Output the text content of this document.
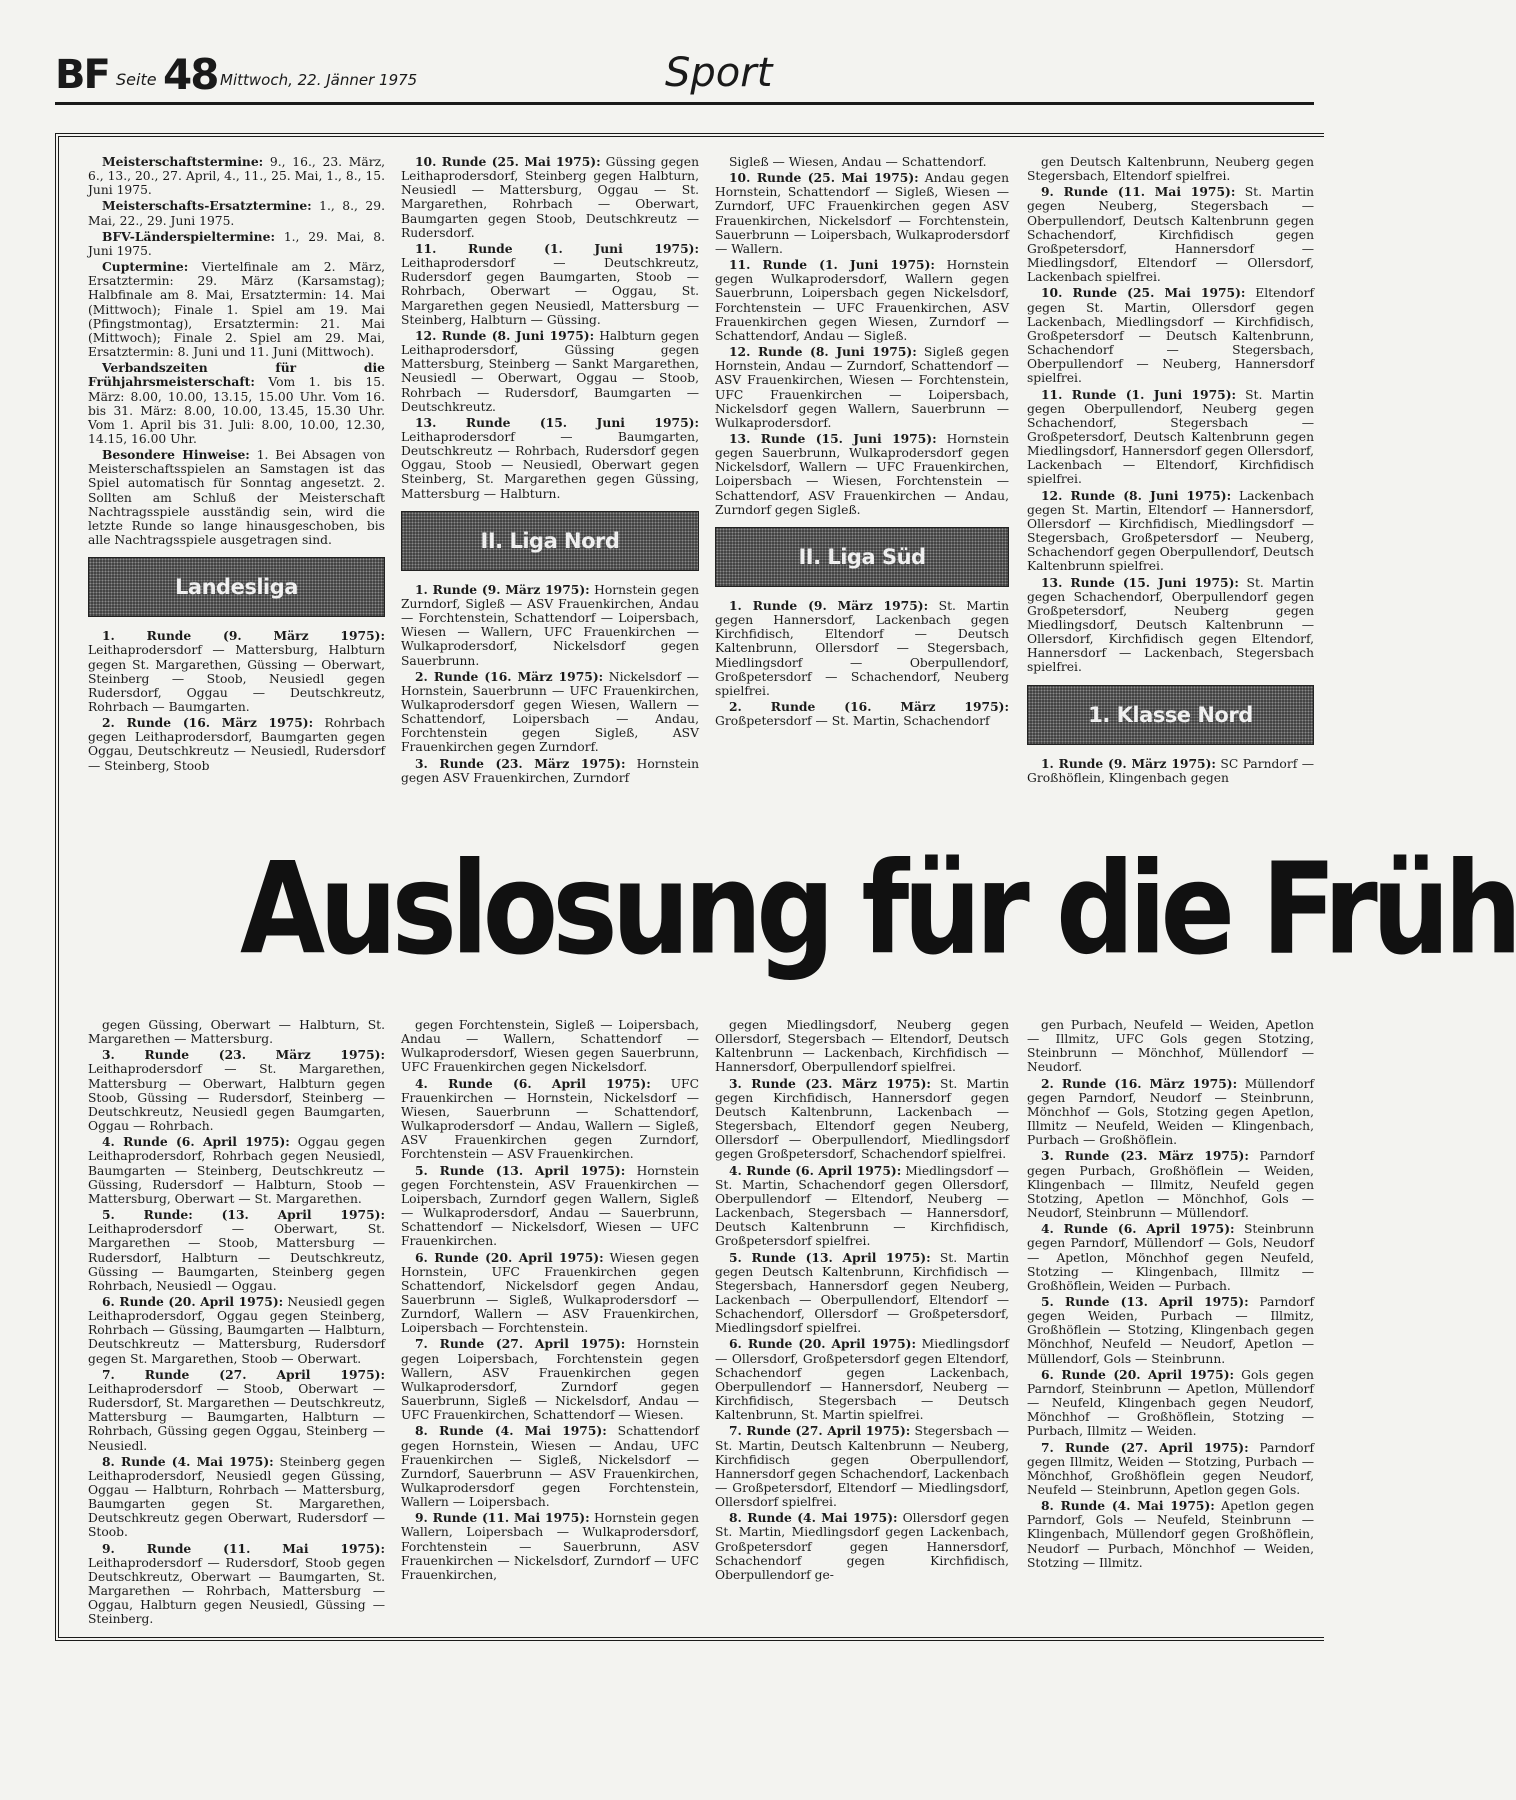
BF Seite 48 Mittwoch, 22. Jänner 1975	Sport

Meisterschaftstermine: 9., 16., 23. März, 6., 13., 20., 27. April, 4., 11., 25. Mai, 1., 8., 15. Juni 1975.

Meisterschafts-Ersatztermine: 1., 8., 29. Mai, 22., 29. Juni 1975.

BFV-Länderspieltermine: 1., 29. Mai, 8. Juni 1975.

Cuptermine: Viertelfinale am 2. März, Ersatztermin: 29. März (Karsamstag); Halbfinale am 8. Mai, Ersatztermin: 14. Mai (Mittwoch); Finale 1. Spiel am 19. Mai (Pfingstmontag), Ersatztermin: 21. Mai (Mittwoch); Finale 2. Spiel am 29. Mai, Ersatztermin: 8. Juni und 11. Juni (Mittwoch).

Verbandszeiten für die Frühjahrsmeisterschaft: Vom 1. bis 15. März: 8.00, 10.00, 13.15, 15.00 Uhr. Vom 16. bis 31. März: 8.00, 10.00, 13.45, 15.30 Uhr. Vom 1. April bis 31. Juli: 8.00, 10.00, 12.30, 14.15, 16.00 Uhr.

Besondere Hinweise: 1. Bei Absagen von Meisterschaftsspielen an Samstagen ist das Spiel automatisch für Sonntag angesetzt. 2. Sollten am Schluß der Meisterschaft Nachtragsspiele ausständig sein, wird die letzte Runde so lange hinausgeschoben, bis alle Nachtragsspiele ausgetragen sind.

Landesliga

1. Runde (9. März 1975): Leithaprodersdorf — Mattersburg, Halbturn gegen St. Margarethen, Güssing — Oberwart, Steinberg — Stoob, Neusiedl gegen Rudersdorf, Oggau — Deutschkreutz, Rohrbach — Baumgarten.

2. Runde (16. März 1975): Rohrbach gegen Leithaprodersdorf, Baumgarten gegen Oggau, Deutschkreutz — Neusiedl, Rudersdorf — Steinberg, Stoob

10. Runde (25. Mai 1975): Güssing gegen Leithaprodersdorf, Steinberg gegen Halbturn, Neusiedl — Mattersburg, Oggau — St. Margarethen, Rohrbach — Oberwart, Baumgarten gegen Stoob, Deutschkreutz — Rudersdorf.

11. Runde (1. Juni 1975): Leithaprodersdorf — Deutschkreutz, Rudersdorf gegen Baumgarten, Stoob — Rohrbach, Oberwart — Oggau, St. Margarethen gegen Neusiedl, Mattersburg — Steinberg, Halbturn — Güssing.

12. Runde (8. Juni 1975): Halbturn gegen Leithaprodersdorf, Güssing gegen Mattersburg, Steinberg — Sankt Margarethen, Neusiedl — Oberwart, Oggau — Stoob, Rohrbach — Rudersdorf, Baumgarten — Deutschkreutz.

13. Runde (15. Juni 1975): Leithaprodersdorf — Baumgarten, Deutschkreutz — Rohrbach, Rudersdorf gegen Oggau, Stoob — Neusiedl, Oberwart gegen Steinberg, St. Margarethen gegen Güssing, Mattersburg — Halbturn.

II. Liga Nord

1. Runde (9. März 1975): Hornstein gegen Zurndorf, Sigleß — ASV Frauenkirchen, Andau — Forchtenstein, Schattendorf — Loipersbach, Wiesen — Wallern, UFC Frauenkirchen — Wulkaprodersdorf, Nickelsdorf gegen Sauerbrunn.

2. Runde (16. März 1975): Nickelsdorf — Hornstein, Sauerbrunn — UFC Frauenkirchen, Wulkaprodersdorf gegen Wiesen, Wallern — Schattendorf, Loipersbach — Andau, Forchtenstein gegen Sigleß, ASV Frauenkirchen gegen Zurndorf.

3. Runde (23. März 1975): Hornstein gegen ASV Frauenkirchen, Zurndorf

Sigleß — Wiesen, Andau — Schattendorf.

10. Runde (25. Mai 1975): Andau gegen Hornstein, Schattendorf — Sigleß, Wiesen — Zurndorf, UFC Frauenkirchen gegen ASV Frauenkirchen, Nickelsdorf — Forchtenstein, Sauerbrunn — Loipersbach, Wulkaprodersdorf — Wallern.

11. Runde (1. Juni 1975): Hornstein gegen Wulkaprodersdorf, Wallern gegen Sauerbrunn, Loipersbach gegen Nickelsdorf, Forchtenstein — UFC Frauenkirchen, ASV Frauenkirchen gegen Wiesen, Zurndorf — Schattendorf, Andau — Sigleß.

12. Runde (8. Juni 1975): Sigleß gegen Hornstein, Andau — Zurndorf, Schattendorf — ASV Frauenkirchen, Wiesen — Forchtenstein, UFC Frauenkirchen — Loipersbach, Nickelsdorf gegen Wallern, Sauerbrunn — Wulkaprodersdorf.

13. Runde (15. Juni 1975): Hornstein gegen Sauerbrunn, Wulkaprodersdorf gegen Nickelsdorf, Wallern — UFC Frauenkirchen, Loipersbach — Wiesen, Forchtenstein — Schattendorf, ASV Frauenkirchen — Andau, Zurndorf gegen Sigleß.

II. Liga Süd

1. Runde (9. März 1975): St. Martin gegen Hannersdorf, Lackenbach gegen Kirchfidisch, Eltendorf — Deutsch Kaltenbrunn, Ollersdorf — Stegersbach, Miedlingsdorf — Oberpullendorf, Großpetersdorf — Schachendorf, Neuberg spielfrei.

2. Runde (16. März 1975): Großpetersdorf — St. Martin, Schachendorf

gen Deutsch Kaltenbrunn, Neuberg gegen Stegersbach, Eltendorf spielfrei.

9. Runde (11. Mai 1975): St. Martin gegen Neuberg, Stegersbach — Oberpullendorf, Deutsch Kaltenbrunn gegen Schachendorf, Kirchfidisch gegen Großpetersdorf, Hannersdorf — Miedlingsdorf, Eltendorf — Ollersdorf, Lackenbach spielfrei.

10. Runde (25. Mai 1975): Eltendorf gegen St. Martin, Ollersdorf gegen Lackenbach, Miedlingsdorf — Kirchfidisch, Großpetersdorf — Deutsch Kaltenbrunn, Schachendorf — Stegersbach, Oberpullendorf — Neuberg, Hannersdorf spielfrei.

11. Runde (1. Juni 1975): St. Martin gegen Oberpullendorf, Neuberg gegen Schachendorf, Stegersbach — Großpetersdorf, Deutsch Kaltenbrunn gegen Miedlingsdorf, Hannersdorf gegen Ollersdorf, Lackenbach — Eltendorf, Kirchfidisch spielfrei.

12. Runde (8. Juni 1975): Lackenbach gegen St. Martin, Eltendorf — Hannersdorf, Ollersdorf — Kirchfidisch, Miedlingsdorf — Stegersbach, Großpetersdorf — Neuberg, Schachendorf gegen Oberpullendorf, Deutsch Kaltenbrunn spielfrei.

13. Runde (15. Juni 1975): St. Martin gegen Schachendorf, Oberpullendorf gegen Großpetersdorf, Neuberg gegen Miedlingsdorf, Deutsch Kaltenbrunn — Ollersdorf, Kirchfidisch gegen Eltendorf, Hannersdorf — Lackenbach, Stegersbach spielfrei.

1. Klasse Nord

1. Runde (9. März 1975): SC Parndorf — Großhöflein, Klingenbach gegen

Auslosung für die Früh

gegen Güssing, Oberwart — Halbturn, St. Margarethen — Mattersburg.

3. Runde (23. März 1975): Leithaprodersdorf — St. Margarethen, Mattersburg — Oberwart, Halbturn gegen Stoob, Güssing — Rudersdorf, Steinberg — Deutschkreutz, Neusiedl gegen Baumgarten, Oggau — Rohrbach.

4. Runde (6. April 1975): Oggau gegen Leithaprodersdorf, Rohrbach gegen Neusiedl, Baumgarten — Steinberg, Deutschkreutz — Güssing, Rudersdorf — Halbturn, Stoob — Mattersburg, Oberwart — St. Margarethen.

5. Runde: (13. April 1975): Leithaprodersdorf — Oberwart, St. Margarethen — Stoob, Mattersburg — Rudersdorf, Halbturn — Deutschkreutz, Güssing — Baumgarten, Steinberg gegen Rohrbach, Neusiedl — Oggau.

6. Runde (20. April 1975): Neusiedl gegen Leithaprodersdorf, Oggau gegen Steinberg, Rohrbach — Güssing, Baumgarten — Halbturn, Deutschkreutz — Mattersburg, Rudersdorf gegen St. Margarethen, Stoob — Oberwart.

7. Runde (27. April 1975): Leithaprodersdorf — Stoob, Oberwart — Rudersdorf, St. Margarethen — Deutschkreutz, Mattersburg — Baumgarten, Halbturn — Rohrbach, Güssing gegen Oggau, Steinberg — Neusiedl.

8. Runde (4. Mai 1975): Steinberg gegen Leithaprodersdorf, Neusiedl gegen Güssing, Oggau — Halbturn, Rohrbach — Mattersburg, Baumgarten gegen St. Margarethen, Deutschkreutz gegen Oberwart, Rudersdorf — Stoob.

9. Runde (11. Mai 1975): Leithaprodersdorf — Rudersdorf, Stoob gegen Deutschkreutz, Oberwart — Baumgarten, St. Margarethen — Rohrbach, Mattersburg — Oggau, Halbturn gegen Neusiedl, Güssing — Steinberg.

gegen Forchtenstein, Sigleß — Loipersbach, Andau — Wallern, Schattendorf — Wulkaprodersdorf, Wiesen gegen Sauerbrunn, UFC Frauenkirchen gegen Nickelsdorf.

4. Runde (6. April 1975): UFC Frauenkirchen — Hornstein, Nickelsdorf — Wiesen, Sauerbrunn — Schattendorf, Wulkaprodersdorf — Andau, Wallern — Sigleß, ASV Frauenkirchen gegen Zurndorf, Forchtenstein — ASV Frauenkirchen.

5. Runde (13. April 1975): Hornstein gegen Forchtenstein, ASV Frauenkirchen — Loipersbach, Zurndorf gegen Wallern, Sigleß — Wulkaprodersdorf, Andau — Sauerbrunn, Schattendorf — Nickelsdorf, Wiesen — UFC Frauenkirchen.

6. Runde (20. April 1975): Wiesen gegen Hornstein, UFC Frauenkirchen gegen Schattendorf, Nickelsdorf gegen Andau, Sauerbrunn — Sigleß, Wulkaprodersdorf — Zurndorf, Wallern — ASV Frauenkirchen, Loipersbach — Forchtenstein.

7. Runde (27. April 1975): Hornstein gegen Loipersbach, Forchtenstein gegen Wallern, ASV Frauenkirchen gegen Wulkaprodersdorf, Zurndorf gegen Sauerbrunn, Sigleß — Nickelsdorf, Andau — UFC Frauenkirchen, Schattendorf — Wiesen.

8. Runde (4. Mai 1975): Schattendorf gegen Hornstein, Wiesen — Andau, UFC Frauenkirchen — Sigleß, Nickelsdorf — Zurndorf, Sauerbrunn — ASV Frauenkirchen, Wulkaprodersdorf gegen Forchtenstein, Wallern — Loipersbach.

9. Runde (11. Mai 1975): Hornstein gegen Wallern, Loipersbach — Wulkaprodersdorf, Forchtenstein — Sauerbrunn, ASV Frauenkirchen — Nickelsdorf, Zurndorf — UFC Frauenkirchen,

gegen Miedlingsdorf, Neuberg gegen Ollersdorf, Stegersbach — Eltendorf, Deutsch Kaltenbrunn — Lackenbach, Kirchfidisch — Hannersdorf, Oberpullendorf spielfrei.

3. Runde (23. März 1975): St. Martin gegen Kirchfidisch, Hannersdorf gegen Deutsch Kaltenbrunn, Lackenbach — Stegersbach, Eltendorf gegen Neuberg, Ollersdorf — Oberpullendorf, Miedlingsdorf gegen Großpetersdorf, Schachendorf spielfrei.

4. Runde (6. April 1975): Miedlingsdorf — St. Martin, Schachendorf gegen Ollersdorf, Oberpullendorf — Eltendorf, Neuberg — Lackenbach, Stegersbach — Hannersdorf, Deutsch Kaltenbrunn — Kirchfidisch, Großpetersdorf spielfrei.

5. Runde (13. April 1975): St. Martin gegen Deutsch Kaltenbrunn, Kirchfidisch — Stegersbach, Hannersdorf gegen Neuberg, Lackenbach — Oberpullendorf, Eltendorf — Schachendorf, Ollersdorf — Großpetersdorf, Miedlingsdorf spielfrei.

6. Runde (20. April 1975): Miedlingsdorf — Ollersdorf, Großpetersdorf gegen Eltendorf, Schachendorf gegen Lackenbach, Oberpullendorf — Hannersdorf, Neuberg — Kirchfidisch, Stegersbach — Deutsch Kaltenbrunn, St. Martin spielfrei.

7. Runde (27. April 1975): Stegersbach — St. Martin, Deutsch Kaltenbrunn — Neuberg, Kirchfidisch gegen Oberpullendorf, Hannersdorf gegen Schachendorf, Lackenbach — Großpetersdorf, Eltendorf — Miedlingsdorf, Ollersdorf spielfrei.

8. Runde (4. Mai 1975): Ollersdorf gegen St. Martin, Miedlingsdorf gegen Lackenbach, Großpetersdorf gegen Hannersdorf, Schachendorf gegen Kirchfidisch, Oberpullendorf ge-

gen Purbach, Neufeld — Weiden, Apetlon — Illmitz, UFC Gols gegen Stotzing, Steinbrunn — Mönchhof, Müllendorf — Neudorf.

2. Runde (16. März 1975): Müllendorf gegen Parndorf, Neudorf — Steinbrunn, Mönchhof — Gols, Stotzing gegen Apetlon, Illmitz — Neufeld, Weiden — Klingenbach, Purbach — Großhöflein.

3. Runde (23. März 1975): Parndorf gegen Purbach, Großhöflein — Weiden, Klingenbach — Illmitz, Neufeld gegen Stotzing, Apetlon — Mönchhof, Gols — Neudorf, Steinbrunn — Müllendorf.

4. Runde (6. April 1975): Steinbrunn gegen Parndorf, Müllendorf — Gols, Neudorf — Apetlon, Mönchhof gegen Neufeld, Stotzing — Klingenbach, Illmitz — Großhöflein, Weiden — Purbach.

5. Runde (13. April 1975): Parndorf gegen Weiden, Purbach — Illmitz, Großhöflein — Stotzing, Klingenbach gegen Mönchhof, Neufeld — Neudorf, Apetlon — Müllendorf, Gols — Steinbrunn.

6. Runde (20. April 1975): Gols gegen Parndorf, Steinbrunn — Apetlon, Müllendorf — Neufeld, Klingenbach gegen Neudorf, Mönchhof — Großhöflein, Stotzing — Purbach, Illmitz — Weiden.

7. Runde (27. April 1975): Parndorf gegen Illmitz, Weiden — Stotzing, Purbach — Mönchhof, Großhöflein gegen Neudorf, Neufeld — Steinbrunn, Apetlon gegen Gols.

8. Runde (4. Mai 1975): Apetlon gegen Parndorf, Gols — Neufeld, Steinbrunn — Klingenbach, Müllendorf gegen Großhöflein, Neudorf — Purbach, Mönchhof — Weiden, Stotzing — Illmitz.
